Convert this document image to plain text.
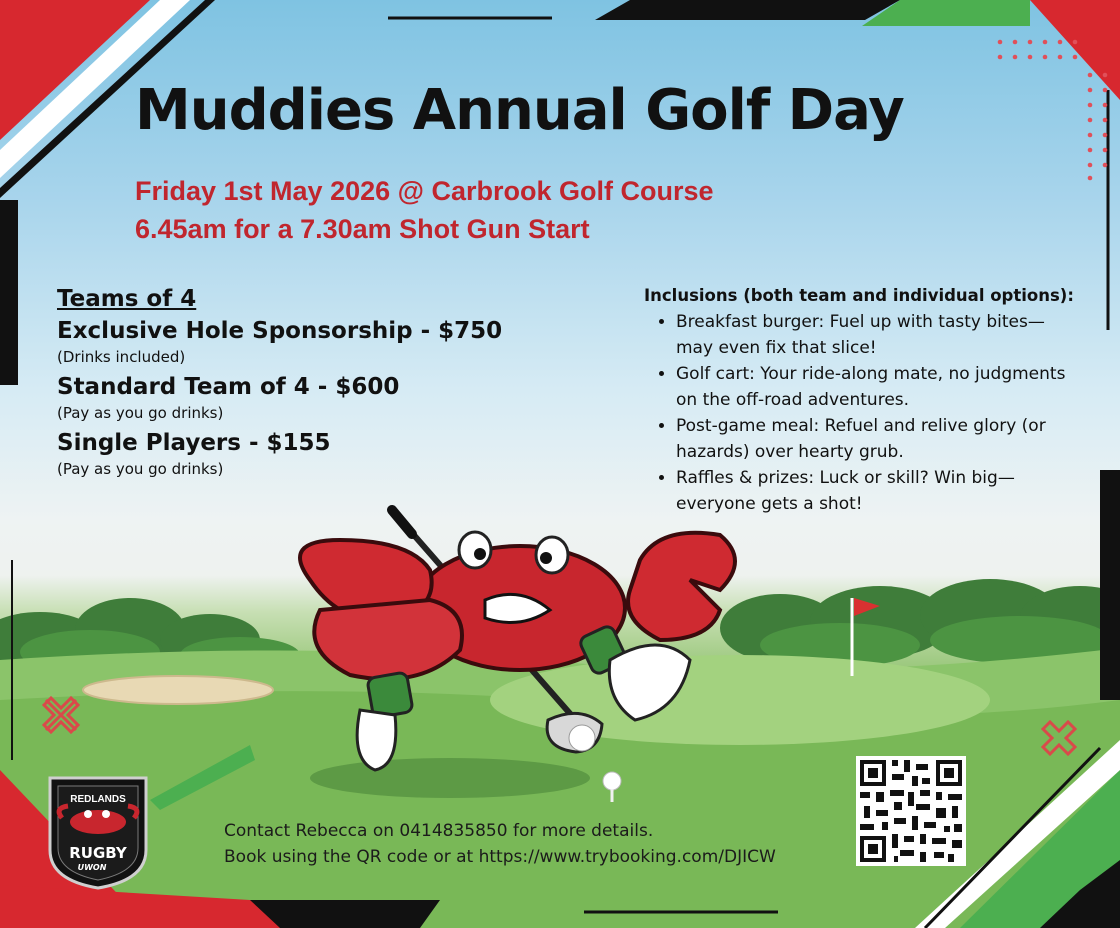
Muddies Annual Golf Day
Friday 1st May 2026 @ Carbrook Golf Course
6.45am for a 7.30am Shot Gun Start

Teams of 4

Exclusive Hole Sponsorship - $750

(Drinks included)

Standard Team of 4 - $600

(Pay as you go drinks)

Single Players - $155

(Pay as you go drinks)

Inclusions (both team and individual options):

• Breakfast burger: Fuel up with tasty bites—may even fix that slice!
• Golf cart: Your ride-along mate, no judgments on the off-road adventures.
• Post-game meal: Refuel and relive glory (or hazards) over hearty grub.
• Raffles & prizes: Luck or skill? Win big—everyone gets a shot!
REDLANDS
RUGBY
UWON
Contact Rebecca on 0414835850 for more details.
Book using the QR code or at https://www.trybooking.com/DJICW
